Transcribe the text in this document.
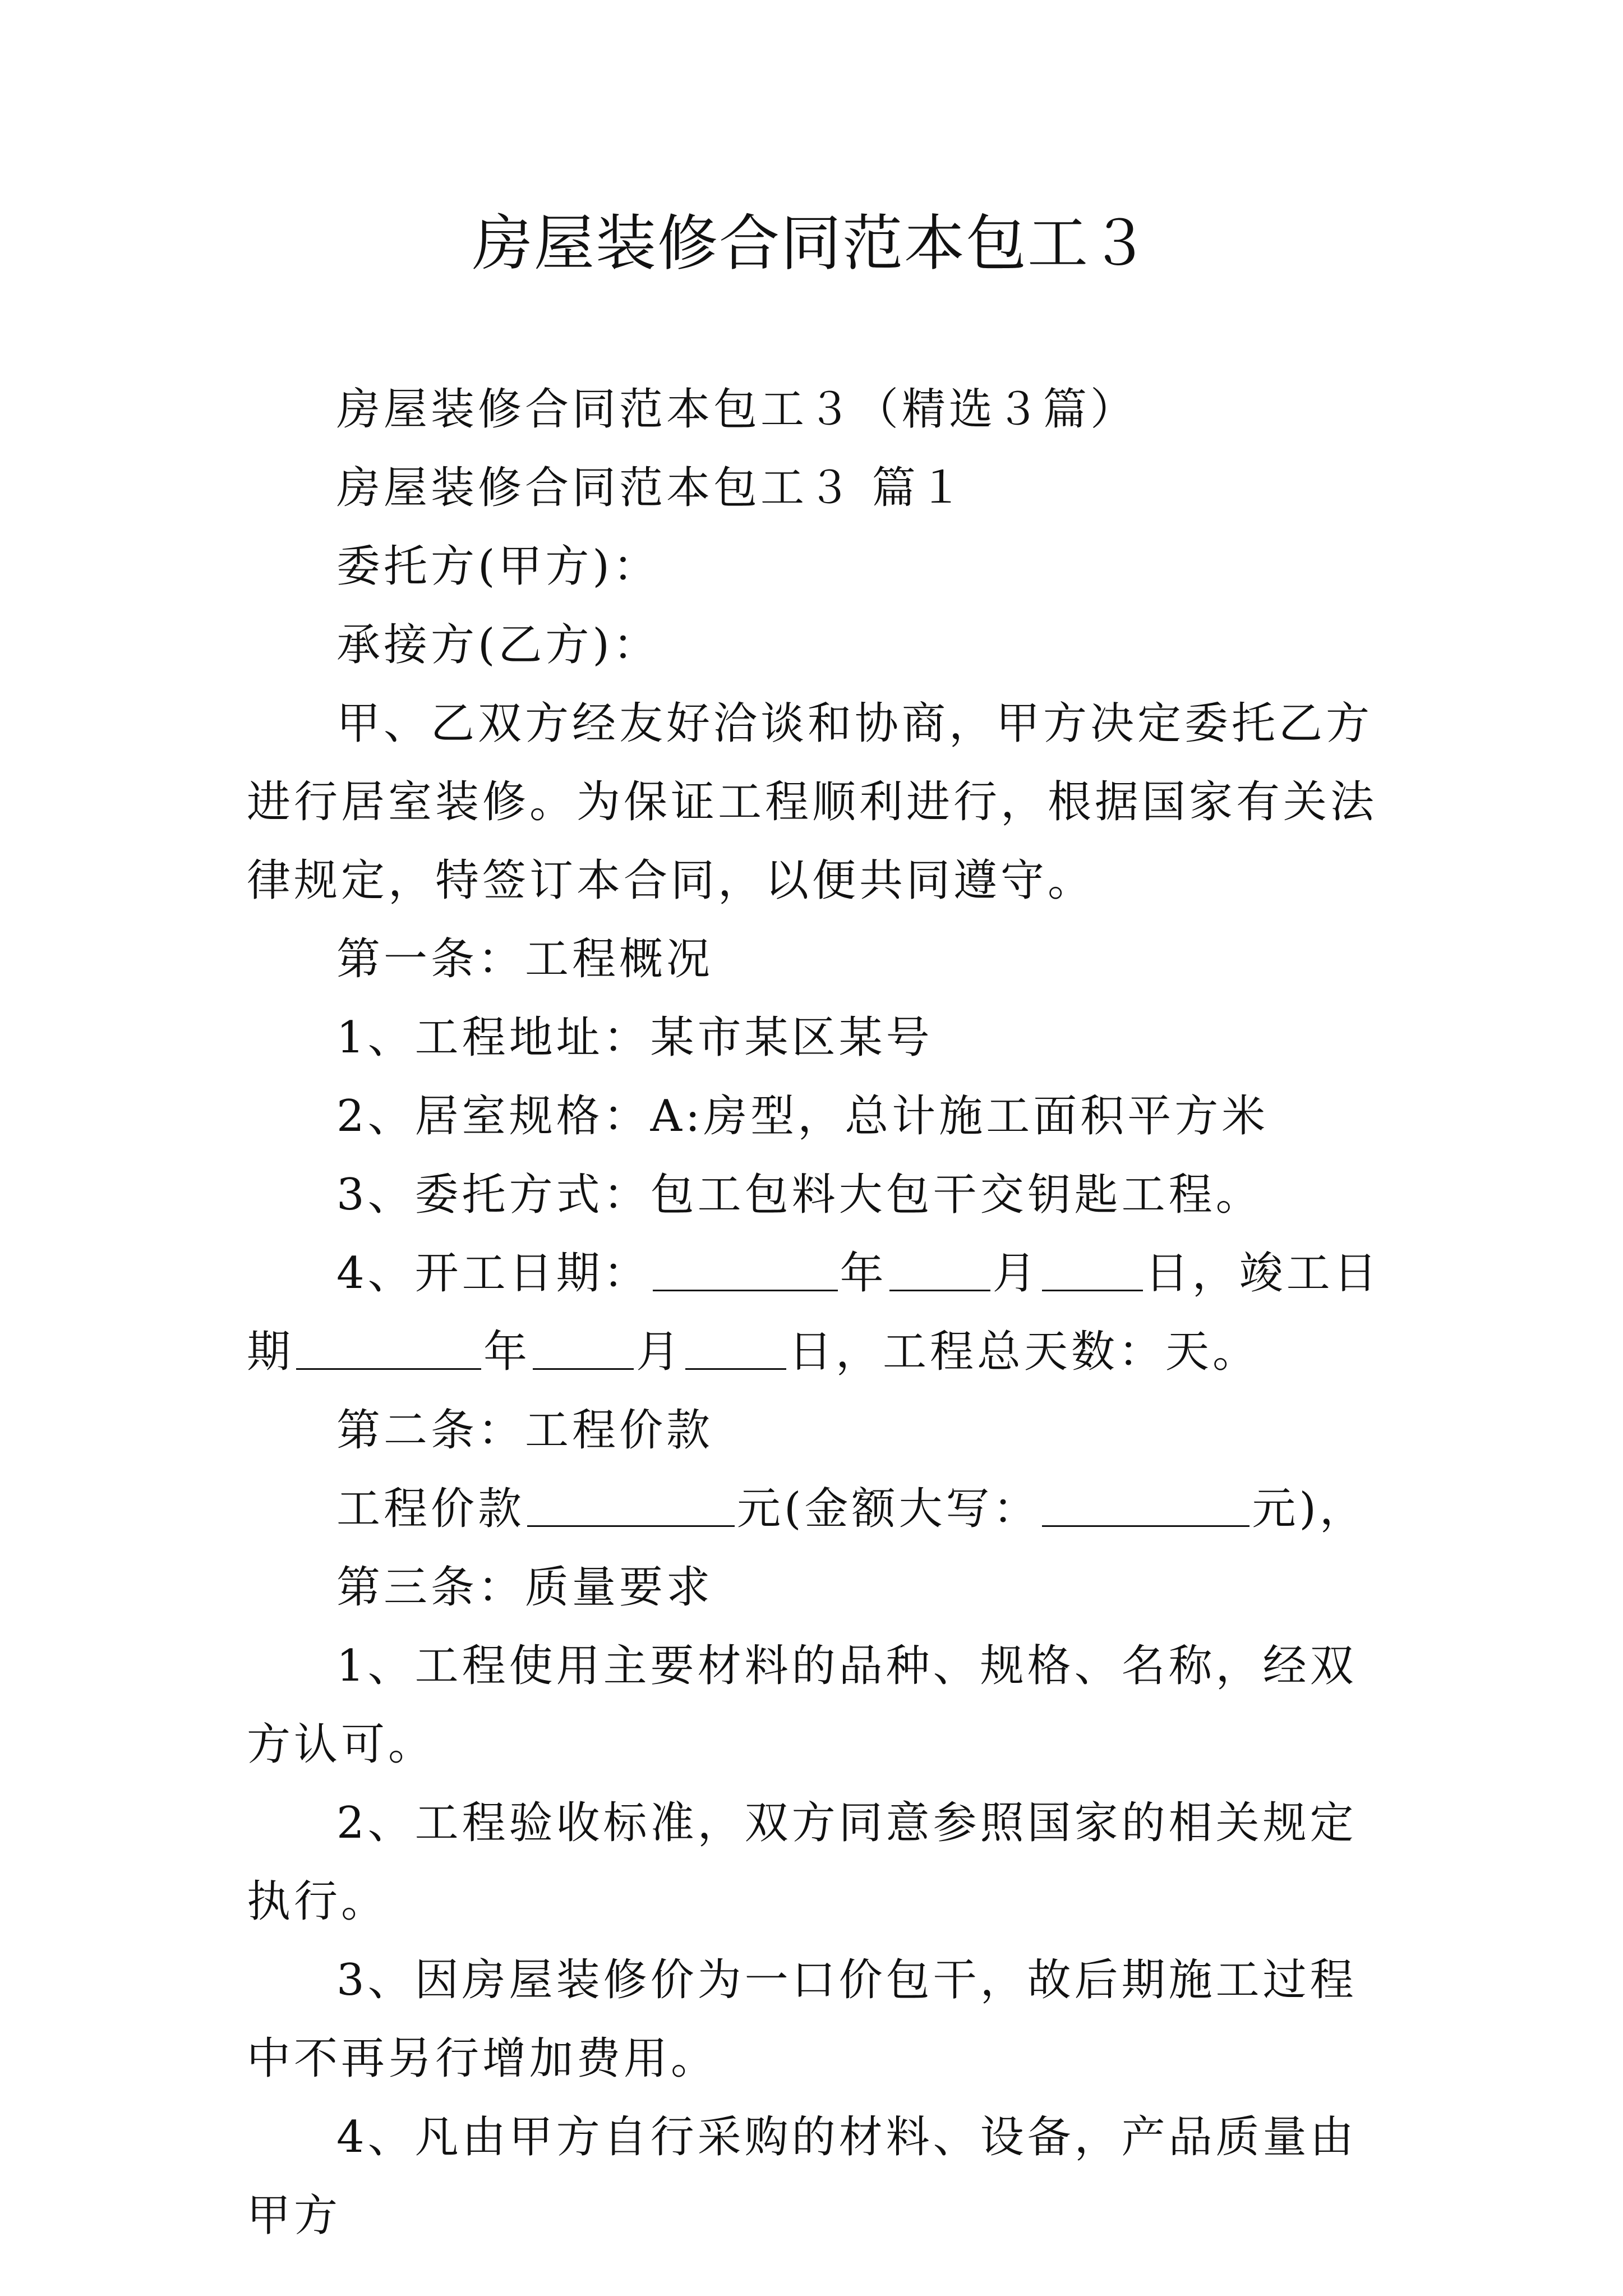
房屋装修合同范本包工３

房屋装修合同范本包工３（精选３篇）

房屋装修合同范本包工３ 篇１

委托方(甲方)：

承接方(乙方)：

甲、乙双方经友好洽谈和协商，甲方决定委托乙方进行居室装修。为保证工程顺利进行，根据国家有关法律规定，特签订本合同，以便共同遵守。

第一条：工程概况

1、工程地址：某市某区某号

2、居室规格：A:房型，总计施工面积平方米

3、委托方式：包工包料大包干交钥匙工程。

4、开工日期：	年 月 日，竣工日期	年 月 日，工程总天数：天。

第二条：工程价款

工程价款	元(金额大写：	元)，

第三条：质量要求

1、工程使用主要材料的品种、规格、名称，经双方认可。

2、工程验收标准，双方同意参照国家的相关规定执行。

3、因房屋装修价为一口价包干，故后期施工过程中不再另行增加费用。

4、凡由甲方自行采购的材料、设备，产品质量由甲方
